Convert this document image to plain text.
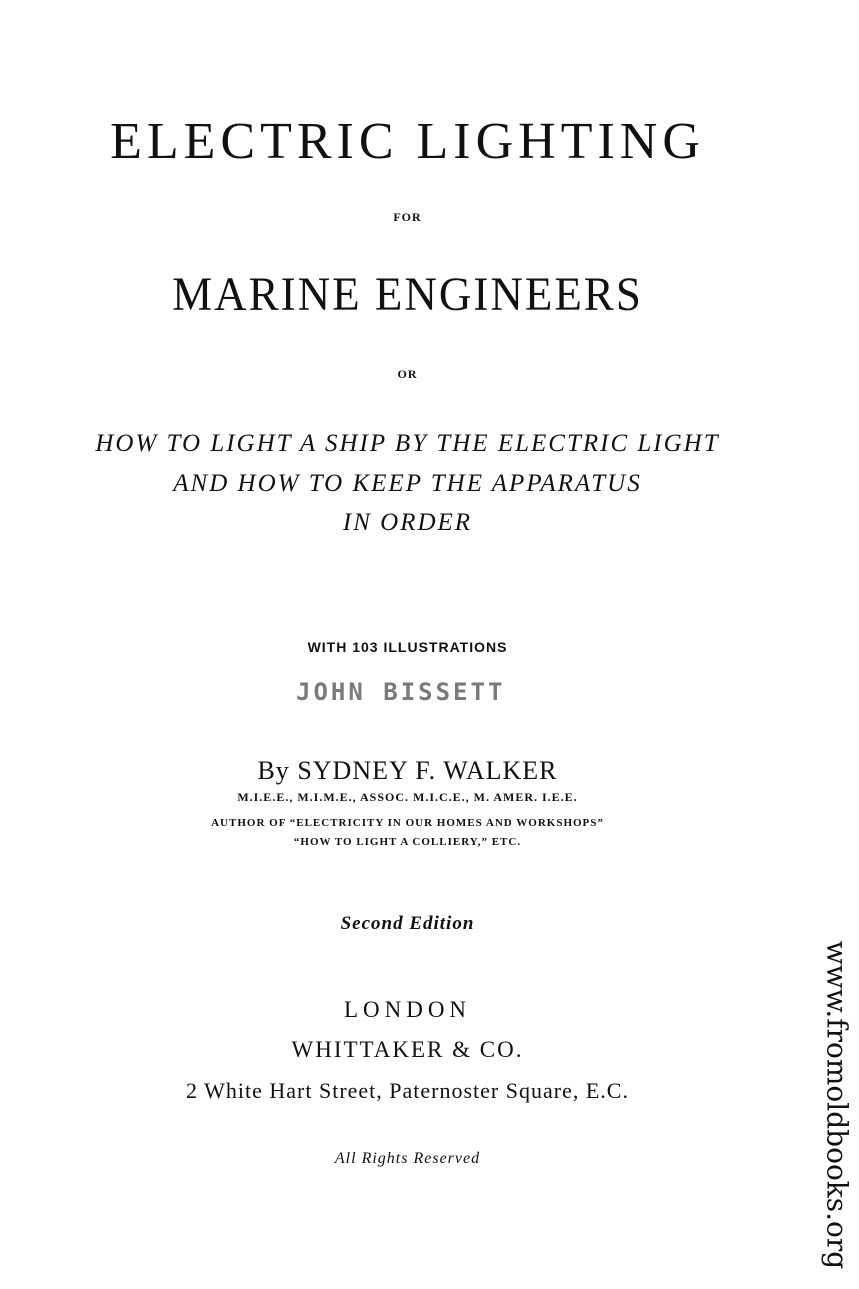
ELECTRIC LIGHTING
FOR
MARINE ENGINEERS
OR
HOW TO LIGHT A SHIP BY THE ELECTRIC LIGHT
AND HOW TO KEEP THE APPARATUS
IN ORDER
WITH 103 ILLUSTRATIONS
JOHN BISSETT
By SYDNEY F. WALKER
M.I.E.E., M.I.M.E., ASSOC. M.I.C.E., M. AMER. I.E.E.
AUTHOR OF “ELECTRICITY IN OUR HOMES AND WORKSHOPS”
“HOW TO LIGHT A COLLIERY,” ETC.
Second Edition
LONDON
WHITTAKER & CO.
2 White Hart Street, Paternoster Square, E.C.
All Rights Reserved	www.fromoldbooks.org
